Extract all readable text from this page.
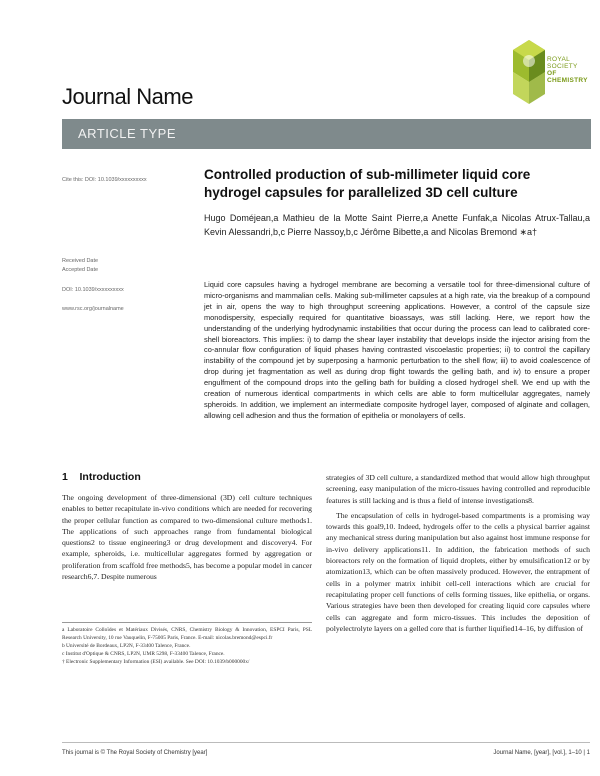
Journal Name
ROYAL SOCIETY
OF CHEMISTRY
ARTICLE TYPE
Cite this: DOI: 10.1039/xxxxxxxxxx
Received Date
Accepted Date
DOI: 10.1039/xxxxxxxxxx
www.rsc.org/journalname
Controlled production of sub-millimeter liquid core hydrogel capsules for parallelized 3D cell culture
Hugo Doméjean,a Mathieu de la Motte Saint Pierre,a Anette Funfak,a Nicolas Atrux-Tallau,a Kevin Alessandri,b,c Pierre Nassoy,b,c Jérôme Bibette,a and Nicolas Bremond ∗a†
Liquid core capsules having a hydrogel membrane are becoming a versatile tool for three-dimensional culture of micro-organisms and mammalian cells. Making sub-millimeter capsules at a high rate, via the breakup of a compound jet in air, opens the way to high throughput screening applications. However, a control of the capsule size monodispersity, especially required for quantitative bioassays, was still lacking. Here, we report how the understanding of the underlying hydrodynamic instabilities that occur during the process can lead to calibrated core-shell bioreactors. This implies: i) to damp the shear layer instability that develops inside the injector arising from the co-annular flow configuration of liquid phases having contrasted viscoelastic properties; ii) to control the capillary instability of the compound jet by superposing a harmonic perturbation to the shell flow; iii) to avoid coalescence of drop during jet fragmentation as well as during drop flight towards the gelling bath, and iv) to ensure a proper engulfment of the compound drops into the gelling bath for building a closed hydrogel shell. We end up with the creation of numerous identical compartments in which cells are able to form multicellular aggregates, namely spheroids. In addition, we implement an intermediate composite hydrogel layer, composed of alginate and collagen, allowing cell adhesion and thus the formation of epithelia or monolayers of cells.
1 Introduction
The ongoing development of three-dimensional (3D) cell culture techniques enables to better recapitulate in-vivo conditions which are needed for recovering the proper cellular function as compared to two-dimensional culture methods1. The applications of such approaches range from fundamental biological questions2 to tissue engineering3 or drug development and discovery4. For example, spheroids, i.e. multicellular aggregates formed by aggregation or proliferation from scaffold free methods5, has become a popular model in cancer research6,7. Despite numerous
strategies of 3D cell culture, a standardized method that would allow high throughput screening, easy manipulation of the micro-tissues having controlled and reproducible features is still lacking and is thus a field of intense investigations8.
The encapsulation of cells in hydrogel-based compartments is a promising way towards this goal9,10. Indeed, hydrogels offer to the cells a physical barrier against any mechanical stress during manipulation but also against host immune response for in-vivo delivery applications11. In addition, the fabrication methods of such bioreactors rely on the formation of liquid droplets, either by emulsification12 or by atomization13, which can be often massively produced. However, the entrapment of cells in a polymer matrix inhibit cell-cell interactions which are crucial for recapitulating proper cell functions of cells forming tissues, like epithelia, or organs. Various strategies have been then developed for creating liquid core capsules where cells can aggregate and form micro-tissues. This includes the deposition of polyelectrolyte layers on a gelled core that is further liquified14–16, by diffusion of
a Laboratoire Colloïdes et Matériaux Divisés, CNRS, Chemistry Biology & Innovation, ESPCI Paris, PSL Research University, 10 rue Vauquelin, F-75005 Paris, France. E-mail: nicolas.bremond@espci.fr
b Université de Bordeaux, LP2N, F-33400 Talence, France.
c Institut d'Optique & CNRS, LP2N, UMR 5298, F-33400 Talence, France.
† Electronic Supplementary Information (ESI) available. See DOI: 10.1039/b000000x/
This journal is © The Royal Society of Chemistry [year]	Journal Name, [year], [vol.], 1–10 | 1
